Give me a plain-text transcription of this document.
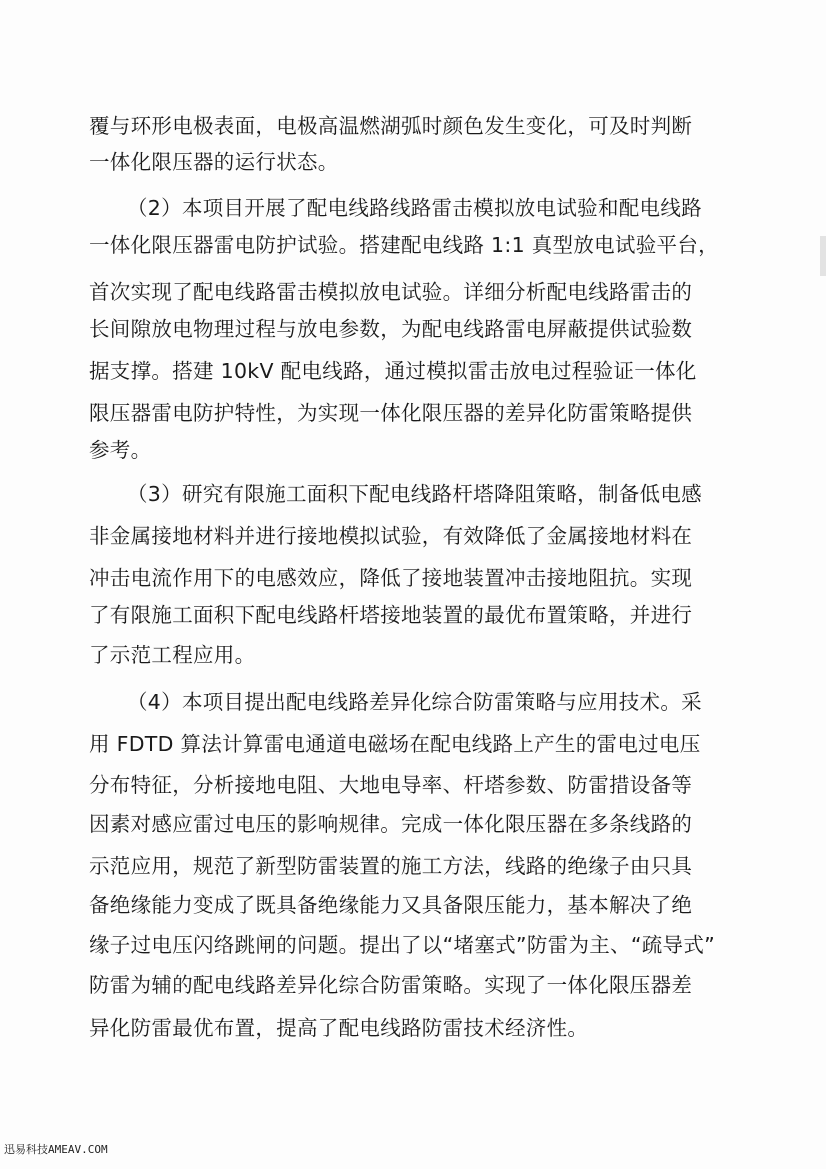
覆与环形电极表面，电极高温燃湖弧时颜色发生变化，可及时判断
一体化限压器的运行状态。
（2）本项目开展了配电线路线路雷击模拟放电试验和配电线路
一体化限压器雷电防护试验。搭建配电线路 1:1 真型放电试验平台，
首次实现了配电线路雷击模拟放电试验。详细分析配电线路雷击的
长间隙放电物理过程与放电参数，为配电线路雷电屏蔽提供试验数
据支撑。搭建 10kV 配电线路，通过模拟雷击放电过程验证一体化
限压器雷电防护特性，为实现一体化限压器的差异化防雷策略提供
参考。
（3）研究有限施工面积下配电线路杆塔降阻策略，制备低电感
非金属接地材料并进行接地模拟试验，有效降低了金属接地材料在
冲击电流作用下的电感效应，降低了接地装置冲击接地阻抗。实现
了有限施工面积下配电线路杆塔接地装置的最优布置策略，并进行
了示范工程应用。
（4）本项目提出配电线路差异化综合防雷策略与应用技术。采
用 FDTD 算法计算雷电通道电磁场在配电线路上产生的雷电过电压
分布特征，分析接地电阻、大地电导率、杆塔参数、防雷措设备等
因素对感应雷过电压的影响规律。完成一体化限压器在多条线路的
示范应用，规范了新型防雷装置的施工方法，线路的绝缘子由只具
备绝缘能力变成了既具备绝缘能力又具备限压能力，基本解决了绝
缘子过电压闪络跳闸的问题。提出了以“堵塞式”防雷为主、“疏导式”
防雷为辅的配电线路差异化综合防雷策略。实现了一体化限压器差
异化防雷最优布置，提高了配电线路防雷技术经济性。
迅易科技AMEAV.COM
